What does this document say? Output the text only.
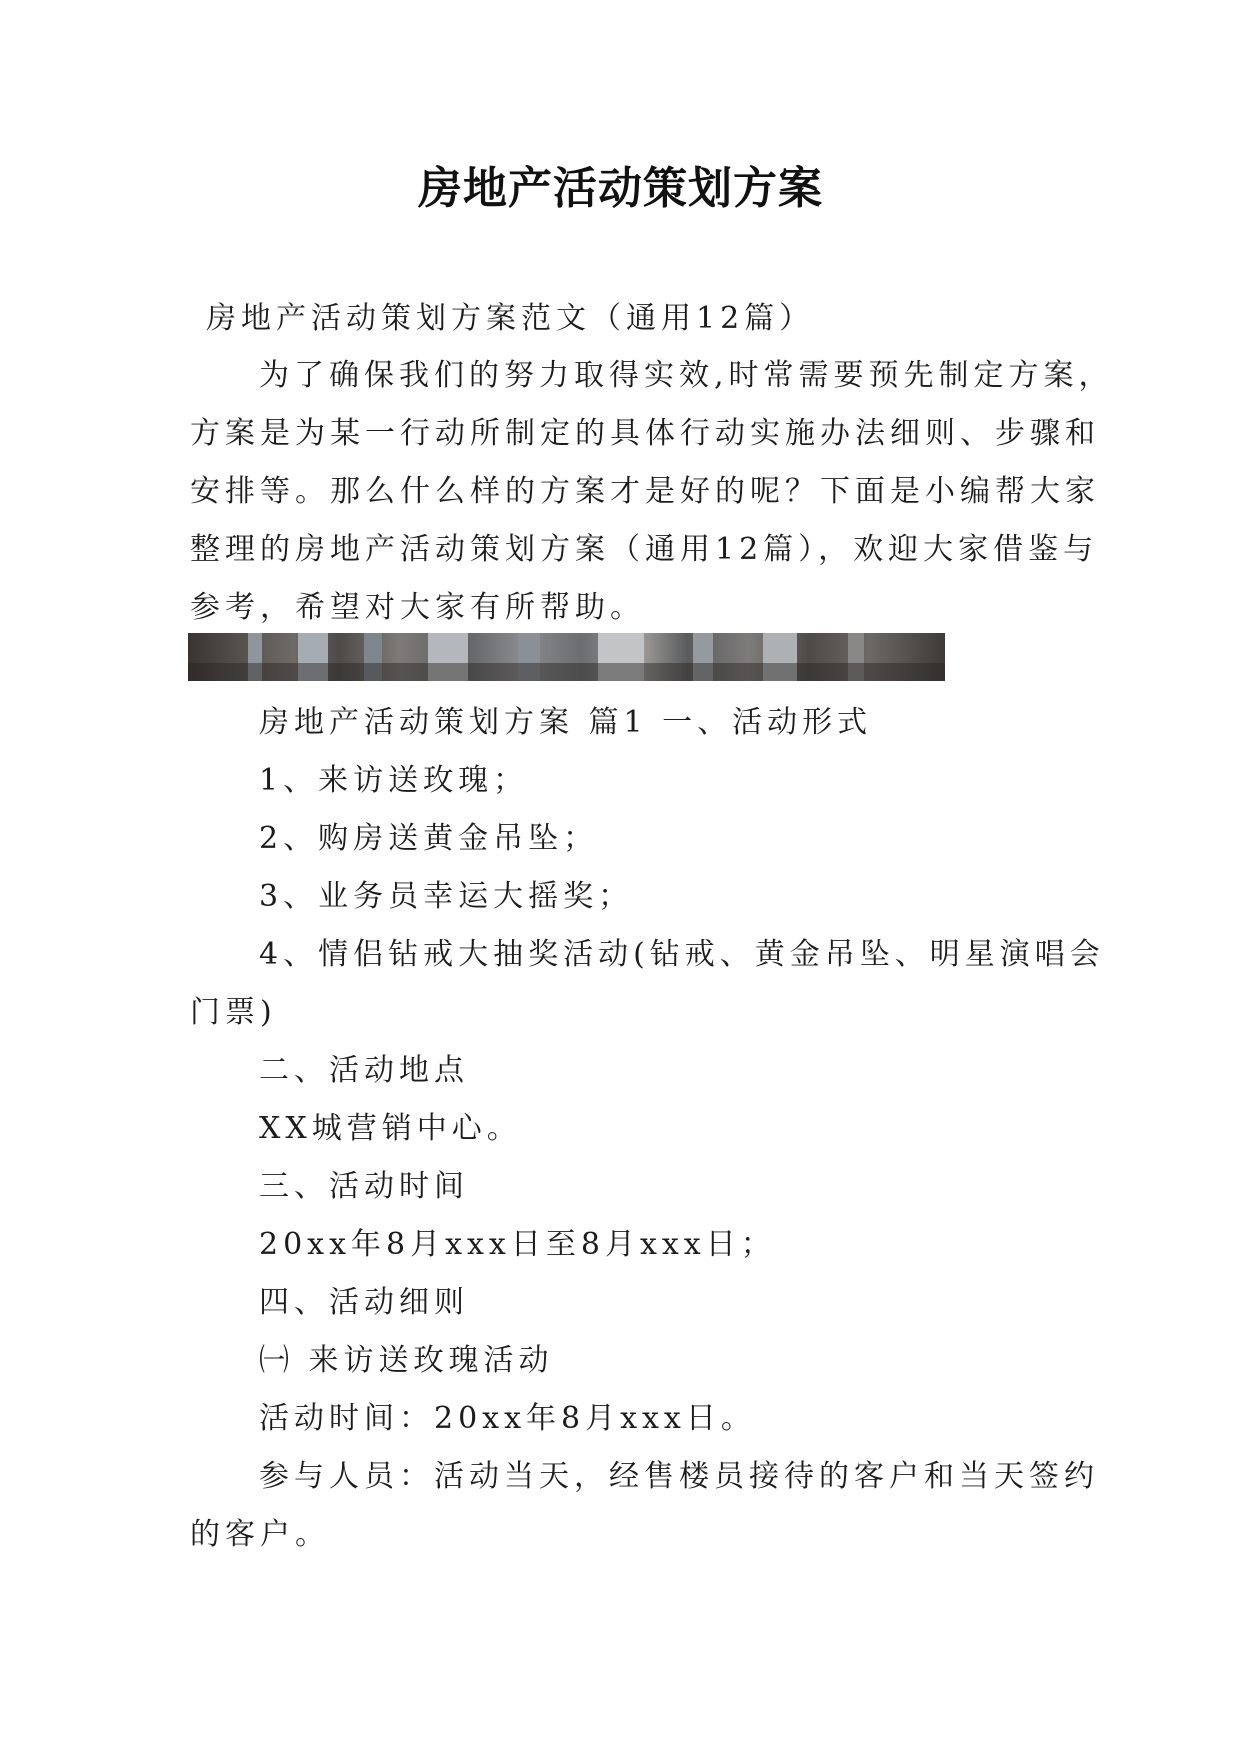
房地产活动策划方案
房地产活动策划方案范文（通用12篇）
为了确保我们的努力取得实效,时常需要预先制定方案，
方案是为某一行动所制定的具体行动实施办法细则、步骤和
安排等。那么什么样的方案才是好的呢？下面是小编帮大家
整理的房地产活动策划方案（通用12篇），欢迎大家借鉴与
参考，希望对大家有所帮助。
房地产活动策划方案 篇1 一、活动形式
1、来访送玫瑰；
2、购房送黄金吊坠；
3、业务员幸运大摇奖；
4、情侣钻戒大抽奖活动(钻戒、黄金吊坠、明星演唱会
门票)
二、活动地点
XX城营销中心。
三、活动时间
20xx年8月xxx日至8月xxx日；
四、活动细则
㈠ 来访送玫瑰活动
活动时间：20xx年8月xxx日。
参与人员：活动当天，经售楼员接待的客户和当天签约
的客户。
